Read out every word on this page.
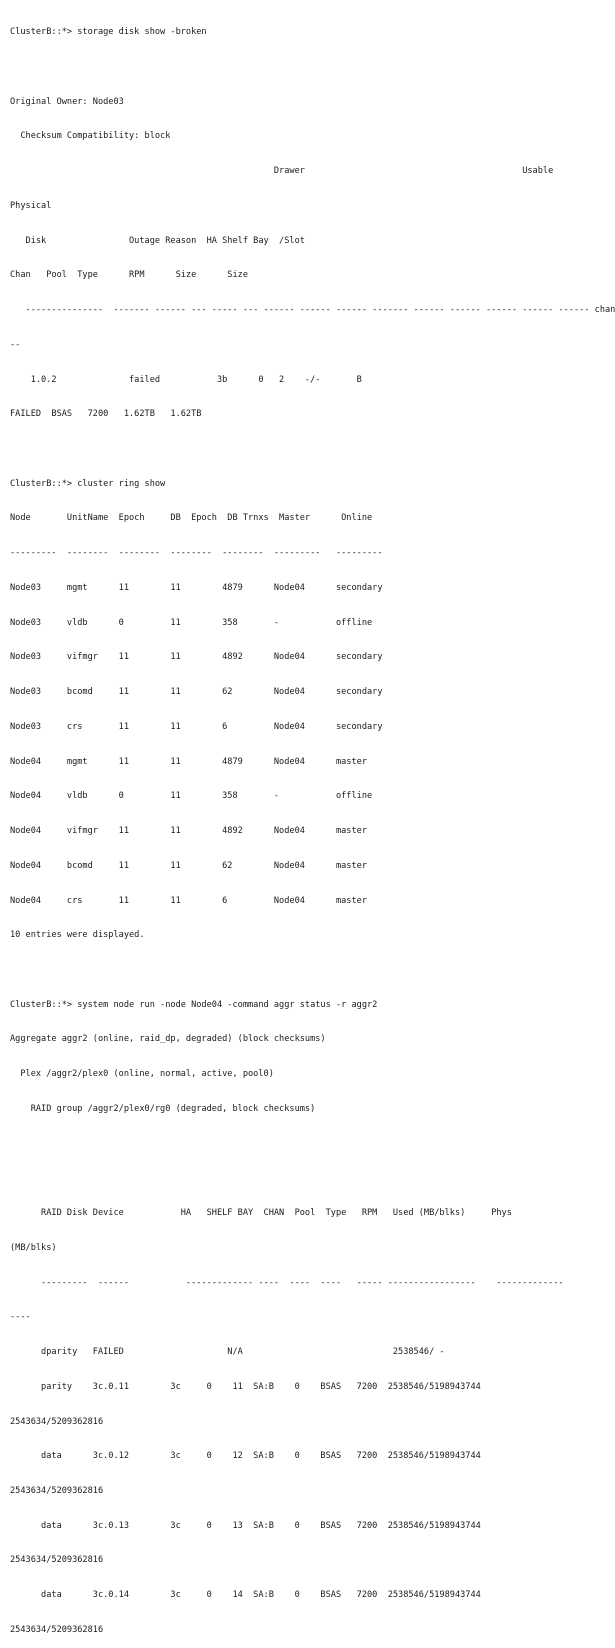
ClusterB::*> storage disk show -broken

Original Owner: Node03

Checksum Compatibility: block

Drawer                                          Usable

Physical

Disk                Outage Reason  HA Shelf Bay  /Slot

Chan   Pool  Type      RPM      Size      Size

---------------  ------- ------ --- ----- --- ------ ------ ------ ------- ------ ------ ------ ------ ------ chan

--

1.0.2              failed           3b      0   2    -/-       B

FAILED  BSAS   7200   1.62TB   1.62TB

ClusterB::*> cluster ring show

Node       UnitName  Epoch     DB  Epoch  DB Trnxs  Master      Online

---------  --------  --------  --------  --------  ---------   ---------

Node03     mgmt      11        11        4879      Node04      secondary

Node03     vldb      0         11        358       -           offline

Node03     vifmgr    11        11        4892      Node04      secondary

Node03     bcomd     11        11        62        Node04      secondary

Node03     crs       11        11        6         Node04      secondary

Node04     mgmt      11        11        4879      Node04      master

Node04     vldb      0         11        358       -           offline

Node04     vifmgr    11        11        4892      Node04      master

Node04     bcomd     11        11        62        Node04      master

Node04     crs       11        11        6         Node04      master

10 entries were displayed.

ClusterB::*> system node run -node Node04 -command aggr status -r aggr2

Aggregate aggr2 (online, raid_dp, degraded) (block checksums)

Plex /aggr2/plex0 (online, normal, active, pool0)

RAID group /aggr2/plex0/rg0 (degraded, block checksums)

RAID Disk Device           HA   SHELF BAY  CHAN  Pool  Type   RPM   Used (MB/blks)     Phys

(MB/blks)

---------  ------           ------------- ----  ----  ----   ----- -----------------    -------------

----

dparity   FAILED                    N/A                             2538546/ -

parity    3c.0.11        3c     0    11  SA:B    0    BSAS   7200  2538546/5198943744

2543634/5209362816

data      3c.0.12        3c     0    12  SA:B    0    BSAS   7200  2538546/5198943744

2543634/5209362816

data      3c.0.13        3c     0    13  SA:B    0    BSAS   7200  2538546/5198943744

2543634/5209362816

data      3c.0.14        3c     0    14  SA:B    0    BSAS   7200  2538546/5198943744

2543634/5209362816
